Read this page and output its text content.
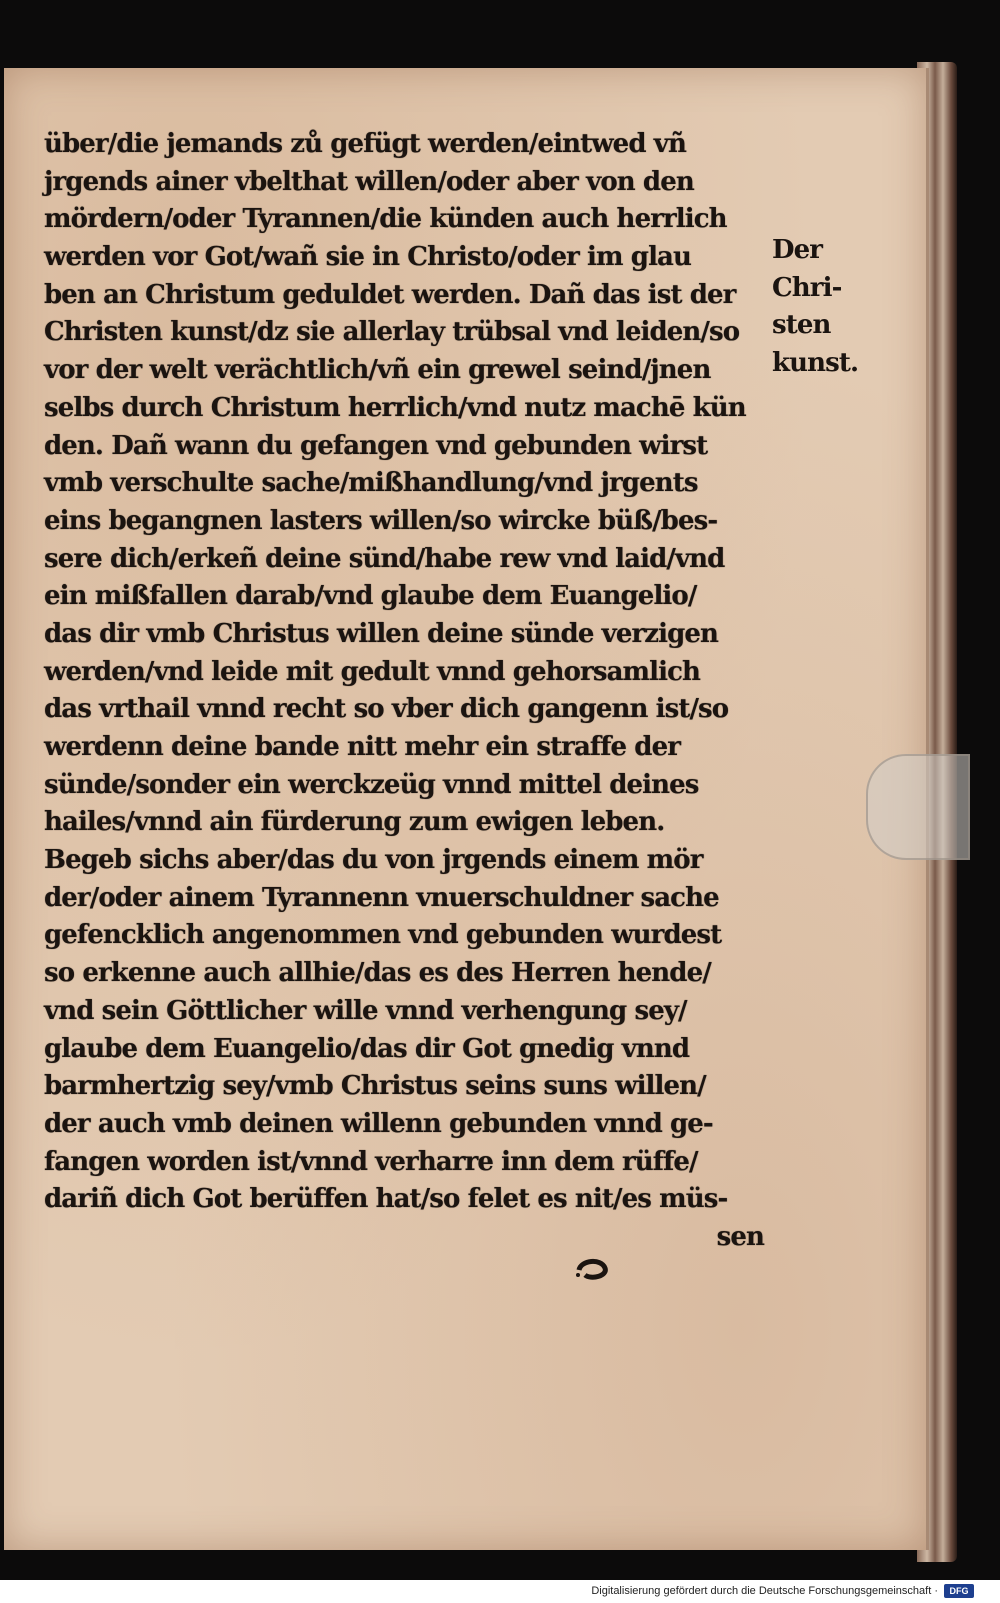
über/die jemands zů gefügt werden/eintwed vñ
jrgends ainer vbelthat willen/oder aber von den
mördern/oder Tyrannen/die künden auch herrlich
werden vor Got/wañ sie in Christo/oder im glau
ben an Christum geduldet werden. Dañ das ist der
Christen kunst/dz sie allerlay trübsal vnd leiden/so
vor der welt verächtlich/vñ ein grewel seind/jnen
selbs durch Christum herrlich/vnd nutz machē kün
den. Dañ wann du gefangen vnd gebunden wirst
vmb verschulte sache/mißhandlung/vnd jrgents
eins begangnen lasters willen/so wircke büß/bes-
sere dich/erkeñ deine sünd/habe rew vnd laid/vnd
ein mißfallen darab/vnd glaube dem Euangelio/
das dir vmb Christus willen deine sünde verzigen
werden/vnd leide mit gedult vnnd gehorsamlich
das vrthail vnnd recht so vber dich gangenn ist/so
werdenn deine bande nitt mehr ein straffe der
sünde/sonder ein werckzeüg vnnd mittel deines
hailes/vnnd ain fürderung zum ewigen leben.
Begeb sichs aber/das du von jrgends einem mör
der/oder ainem Tyrannenn vnuerschuldner sache
gefencklich angenommen vnd gebunden wurdest
so erkenne auch allhie/das es des Herren hende/
vnd sein Göttlicher wille vnnd verhengung sey/
glaube dem Euangelio/das dir Got gnedig vnnd
barmhertzig sey/vmb Christus seins suns willen/
der auch vmb deinen willenn gebunden vnnd ge-
fangen worden ist/vnnd verharre inn dem rüffe/
dariñ dich Got berüffen hat/so felet es nit/es müs-
sen
Der
Chri-
sten
kunst.
Digitalisierung gefördert durch die Deutsche Forschungsgemeinschaft ·	DFG
